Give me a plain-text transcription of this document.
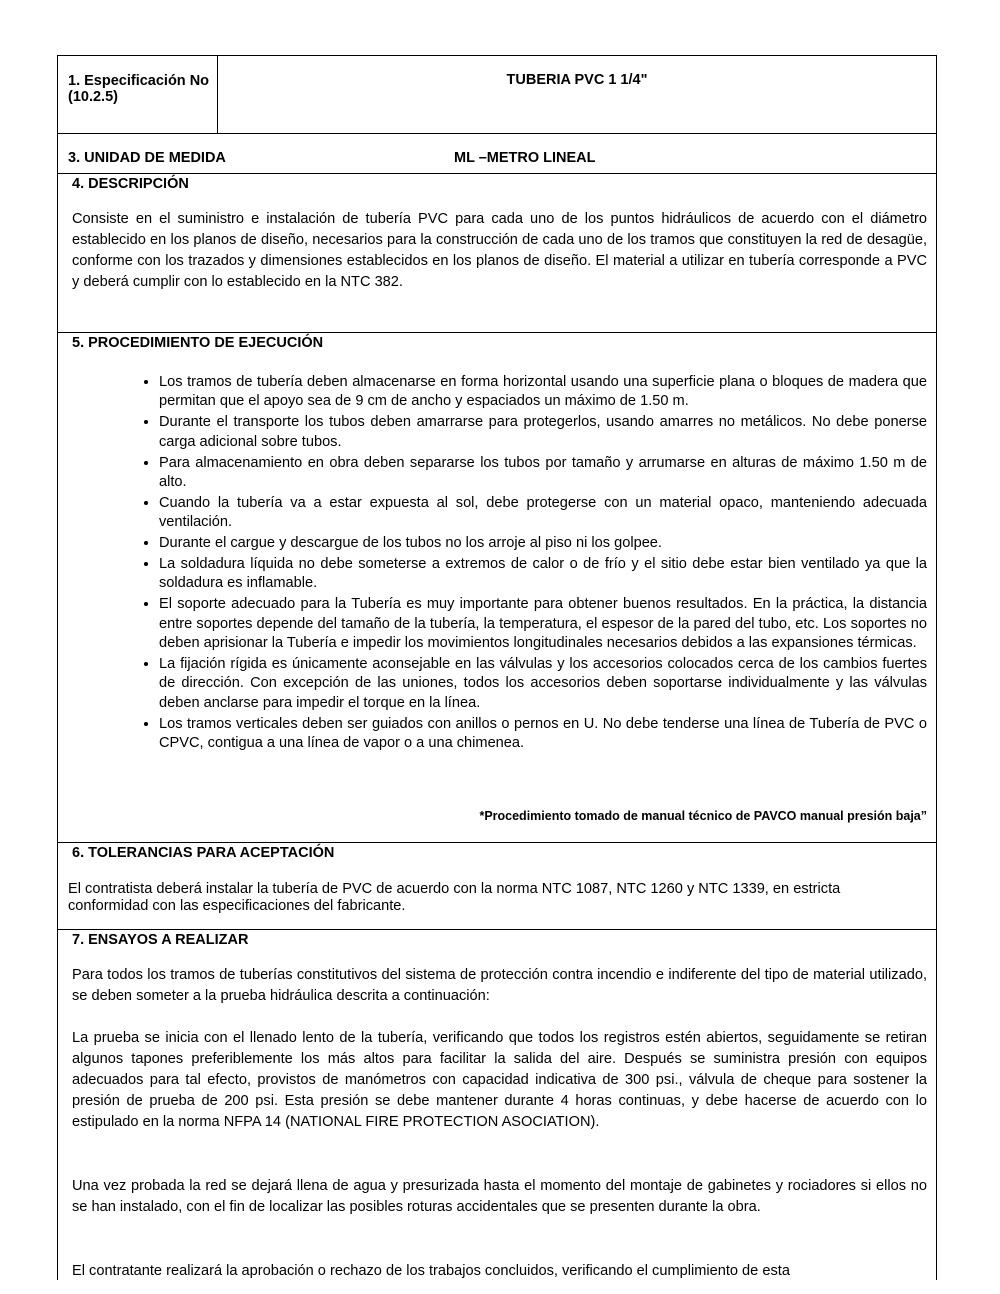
1. Especificación No (10.2.5)
TUBERIA PVC 1 1/4"
3. UNIDAD DE MEDIDA	ML –METRO LINEAL
4. DESCRIPCIÓN
Consiste en el suministro e instalación de tubería PVC para cada uno de los puntos hidráulicos de acuerdo con el diámetro establecido en los planos de diseño, necesarios para la construcción de cada uno de los tramos que constituyen la red de desagüe, conforme con los trazados y dimensiones establecidos en los planos de diseño. El material a utilizar en tubería corresponde a PVC y deberá cumplir con lo establecido en la NTC 382.
5. PROCEDIMIENTO DE EJECUCIÓN
• Los tramos de tubería deben almacenarse en forma horizontal usando una superficie plana o bloques de madera que permitan que el apoyo sea de 9 cm de ancho y espaciados un máximo de 1.50 m.
• Durante el transporte los tubos deben amarrarse para protegerlos, usando amarres no metálicos. No debe ponerse carga adicional sobre tubos.
• Para almacenamiento en obra deben separarse los tubos por tamaño y arrumarse en alturas de máximo 1.50 m de alto.
• Cuando la tubería va a estar expuesta al sol, debe protegerse con un material opaco, manteniendo adecuada ventilación.
• Durante el cargue y descargue de los tubos no los arroje al piso ni los golpee.
• La soldadura líquida no debe someterse a extremos de calor o de frío y el sitio debe estar bien ventilado ya que la soldadura es inflamable.
• El soporte adecuado para la Tubería es muy importante para obtener buenos resultados. En la práctica, la distancia entre soportes depende del tamaño de la tubería, la temperatura, el espesor de la pared del tubo, etc. Los soportes no deben aprisionar la Tubería e impedir los movimientos longitudinales necesarios debidos a las expansiones térmicas.
• La fijación rígida es únicamente aconsejable en las válvulas y los accesorios colocados cerca de los cambios fuertes de dirección. Con excepción de las uniones, todos los accesorios deben soportarse individualmente y las válvulas deben anclarse para impedir el torque en la línea.
• Los tramos verticales deben ser guiados con anillos o pernos en U. No debe tenderse una línea de Tubería de PVC o CPVC, contigua a una línea de vapor o a una chimenea.
*Procedimiento tomado de manual técnico de PAVCO manual presión baja”
6. TOLERANCIAS PARA ACEPTACIÓN
El contratista deberá instalar la tubería de PVC de acuerdo con la norma NTC 1087, NTC 1260 y NTC 1339, en estricta conformidad con las especificaciones del fabricante.
7. ENSAYOS A REALIZAR
Para todos los tramos de tuberías constitutivos del sistema de protección contra incendio e indiferente del tipo de material utilizado, se deben someter a la prueba hidráulica descrita a continuación:
La prueba se inicia con el llenado lento de la tubería, verificando que todos los registros estén abiertos, seguidamente se retiran algunos tapones preferiblemente los más altos para facilitar la salida del aire. Después se suministra presión con equipos adecuados para tal efecto, provistos de manómetros con capacidad indicativa de 300 psi., válvula de cheque para sostener la presión de prueba de 200 psi. Esta presión se debe mantener durante 4 horas continuas, y debe hacerse de acuerdo con lo estipulado en la norma NFPA 14 (NATIONAL FIRE PROTECTION ASOCIATION).
Una vez probada la red se dejará llena de agua y presurizada hasta el momento del montaje de gabinetes y rociadores si ellos no se han instalado, con el fin de localizar las posibles roturas accidentales que se presenten durante la obra.
El contratante realizará la aprobación o rechazo de los trabajos concluidos, verificando el cumplimiento de esta
